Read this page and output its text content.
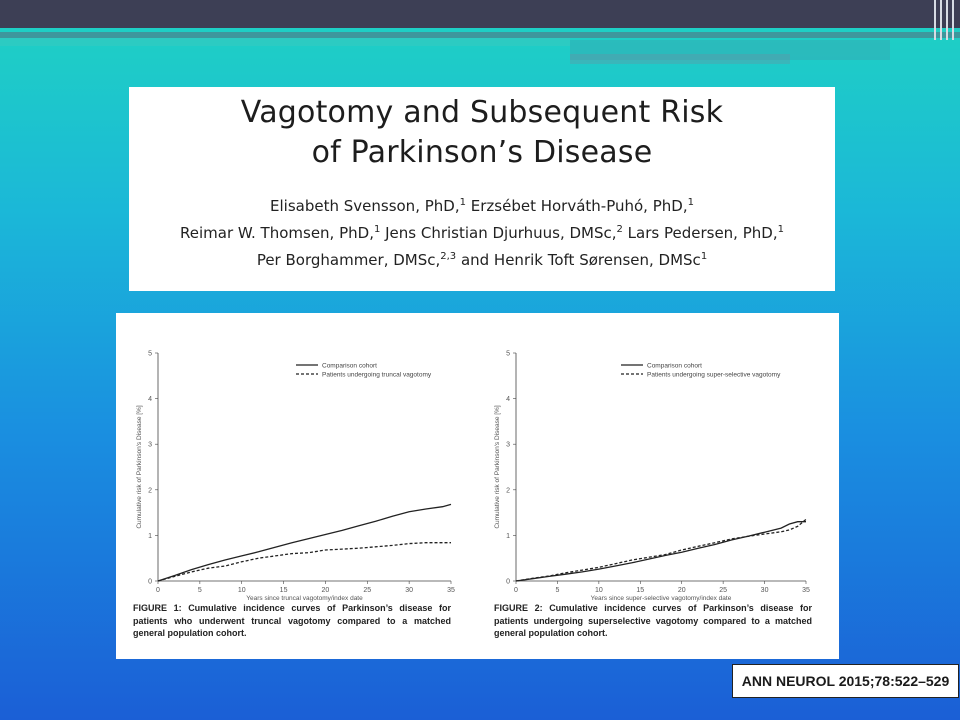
Vagotomy and Subsequent Risk
of Parkinson’s Disease
Elisabeth Svensson, PhD,$^1$ Erzsébet Horváth-Puhó, PhD,$^1$
Reimar W. Thomsen, PhD,$^1$ Jens Christian Djurhuus, DMSc,$^2$ Lars Pedersen, PhD,$^1$
Per Borghammer, DMSc,$^{2,3}$ and Henrik Toft Sørensen, DMSc$^1$
0	5	10	15	20	25	30	35
0
1
2
3
4
5
Years since truncal vagotomy/index date
Cumulative risk of Parkinson's Disease [%]
Comparison cohort
Patients undergoing truncal vagotomy
0	5	10	15	20	25	30	35
0
1
2
3
4
5
Years since super-selective vagotomy/index date
Cumulative risk of Parkinson's Disease [%]
Comparison cohort
Patients undergoing super-selective vagotomy
FIGURE 1: Cumulative incidence curves of Parkinson’s disease for patients who underwent truncal vagotomy compared to a matched general population cohort.
FIGURE 2: Cumulative incidence curves of Parkinson’s disease for patients undergoing superselective vagotomy compared to a matched general population cohort.
ANN NEUROL 2015;78:522–529
